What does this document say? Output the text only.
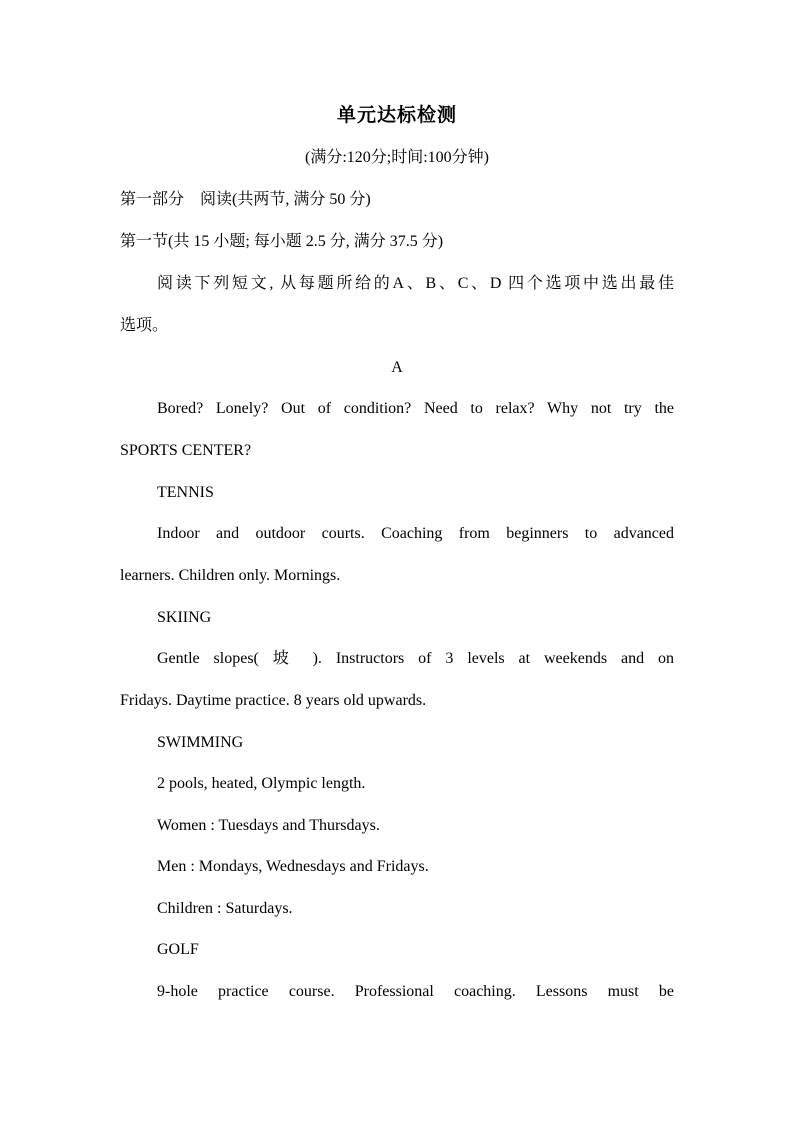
单元达标检测
(满分:120分;时间:100分钟)
第一部分　阅读(共两节, 满分 50 分)
第一节(共 15 小题; 每小题 2.5 分, 满分 37.5 分)
阅读下列短文, 从每题所给的A、B、C、D 四个选项中选出最佳
选项。
A
Bored? Lonely? Out of condition? Need to relax? Why not try the
SPORTS CENTER?
TENNIS
Indoor and outdoor courts. Coaching from beginners to advanced
learners. Children only. Mornings.
SKIING
Gentle slopes( 坡 ). Instructors of 3 levels at weekends and on
Fridays. Daytime practice. 8 years old upwards.
SWIMMING
2 pools, heated, Olympic length.
Women : Tuesdays and Thursdays.
Men : Mondays, Wednesdays and Fridays.
Children : Saturdays.
GOLF
9-hole practice course. Professional coaching. Lessons must be
